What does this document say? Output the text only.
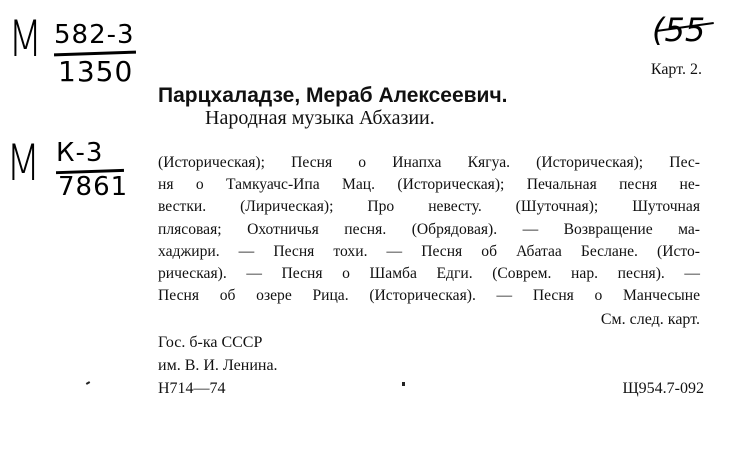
М 582-3
1350
М К-3
7861
(55
Карт. 2.
Парцхаладзе, Мераб Алексеевич.
Народная музыка Абхазии.
(Историческая); Песня о Инапха Кягуа. (Историческая); Пес-
ня о Тамкуачс-Ипа Мац. (Историческая); Печальная песня не-
вестки. (Лирическая); Про невесту. (Шуточная); Шуточная
плясовая; Охотничья песня. (Обрядовая). — Возвращение ма-
хаджири. — Песня тохи. — Песня об Абатаа Беслане. (Исто-
рическая). — Песня о Шамба Едги. (Соврем. нар. песня). —
Песня об озере Рица. (Историческая). — Песня о Манчесыне
См. след. карт.
Гос. б-ка СССР
им. В. И. Ленина.
Н714—74	Щ954.7-092
